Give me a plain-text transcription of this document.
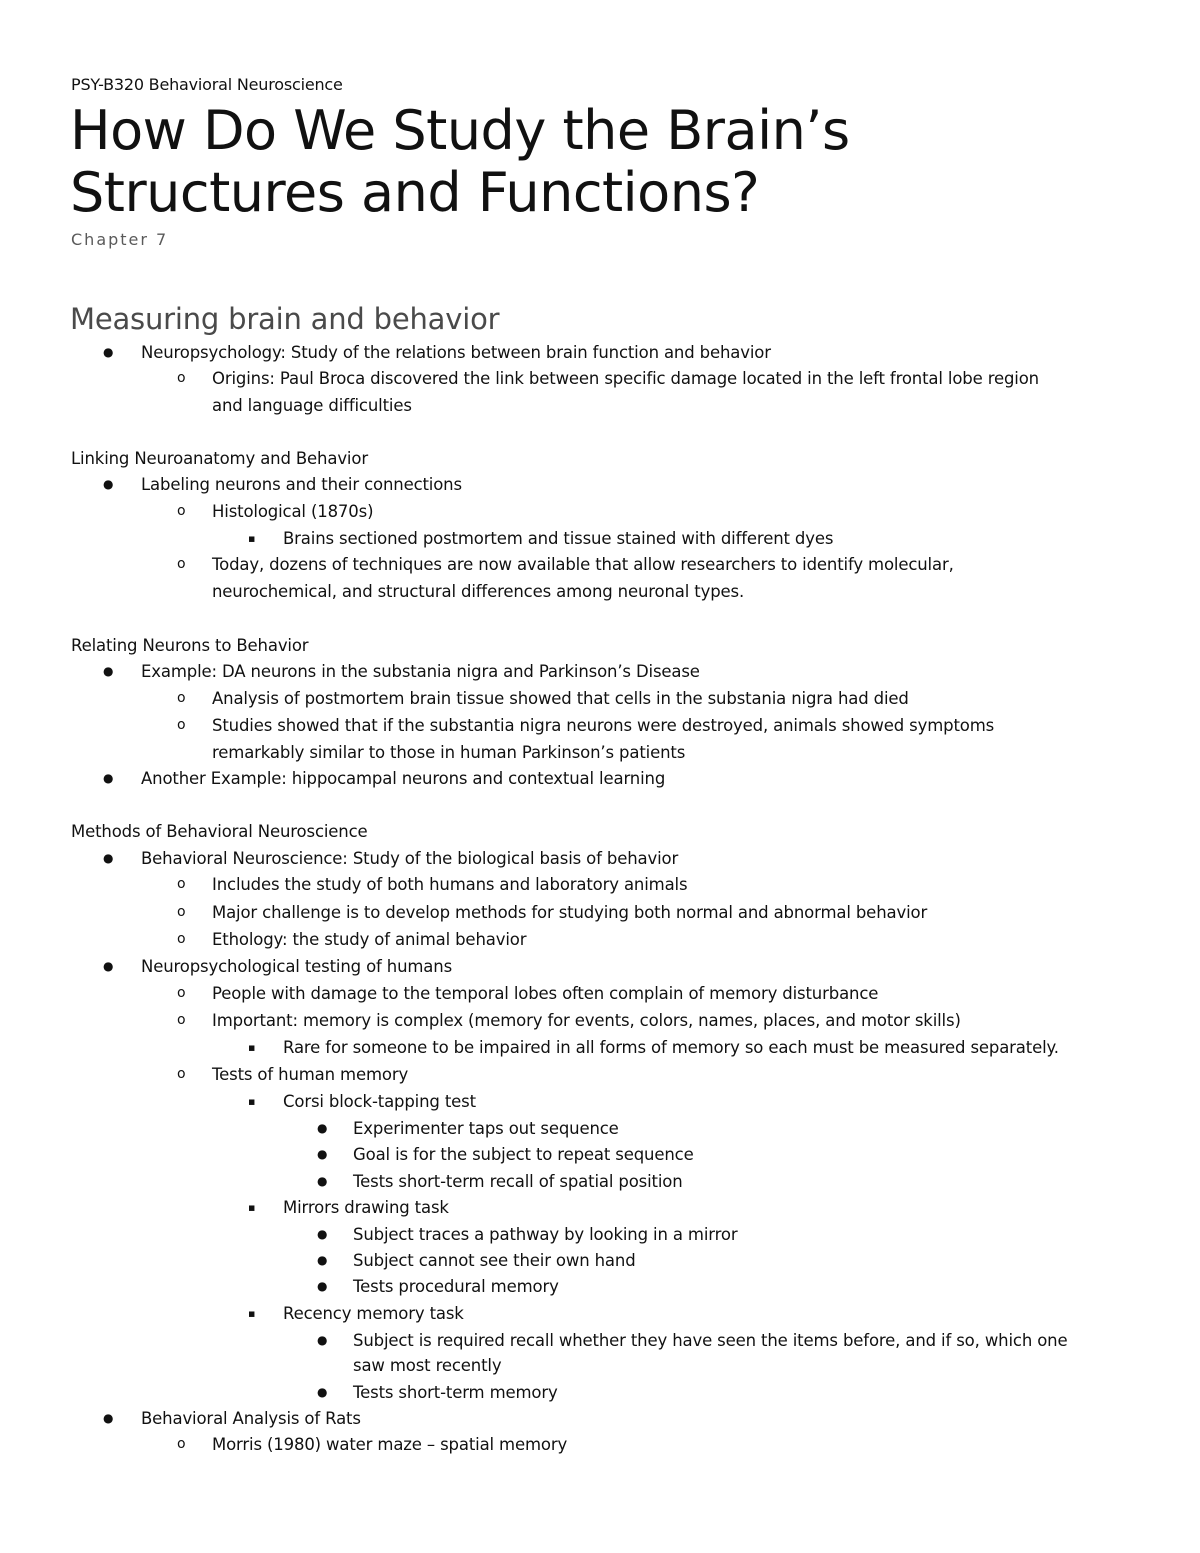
PSY-B320 Behavioral Neuroscience
How Do We Study the Brain’s Structures and Functions?
Chapter 7
Measuring brain and behavior
● Neuropsychology: Study of the relations between brain function and behavior
o Origins: Paul Broca discovered the link between specific damage located in the left frontal lobe region
and language difficulties
Linking Neuroanatomy and Behavior
● Labeling neurons and their connections
o Histological (1870s)
▪ Brains sectioned postmortem and tissue stained with different dyes
o Today, dozens of techniques are now available that allow researchers to identify molecular,
neurochemical, and structural differences among neuronal types.
Relating Neurons to Behavior
● Example: DA neurons in the substania nigra and Parkinson’s Disease
o Analysis of postmortem brain tissue showed that cells in the substania nigra had died
o Studies showed that if the substantia nigra neurons were destroyed, animals showed symptoms
remarkably similar to those in human Parkinson’s patients
● Another Example: hippocampal neurons and contextual learning
Methods of Behavioral Neuroscience
● Behavioral Neuroscience: Study of the biological basis of behavior
o Includes the study of both humans and laboratory animals
o Major challenge is to develop methods for studying both normal and abnormal behavior
o Ethology: the study of animal behavior
● Neuropsychological testing of humans
o People with damage to the temporal lobes often complain of memory disturbance
o Important: memory is complex (memory for events, colors, names, places, and motor skills)
▪ Rare for someone to be impaired in all forms of memory so each must be measured separately.
o Tests of human memory
▪ Corsi block-tapping test
● Experimenter taps out sequence
● Goal is for the subject to repeat sequence
● Tests short-term recall of spatial position
▪ Mirrors drawing task
● Subject traces a pathway by looking in a mirror
● Subject cannot see their own hand
● Tests procedural memory
▪ Recency memory task
● Subject is required recall whether they have seen the items before, and if so, which one
saw most recently
● Tests short-term memory
● Behavioral Analysis of Rats
o Morris (1980) water maze – spatial memory
